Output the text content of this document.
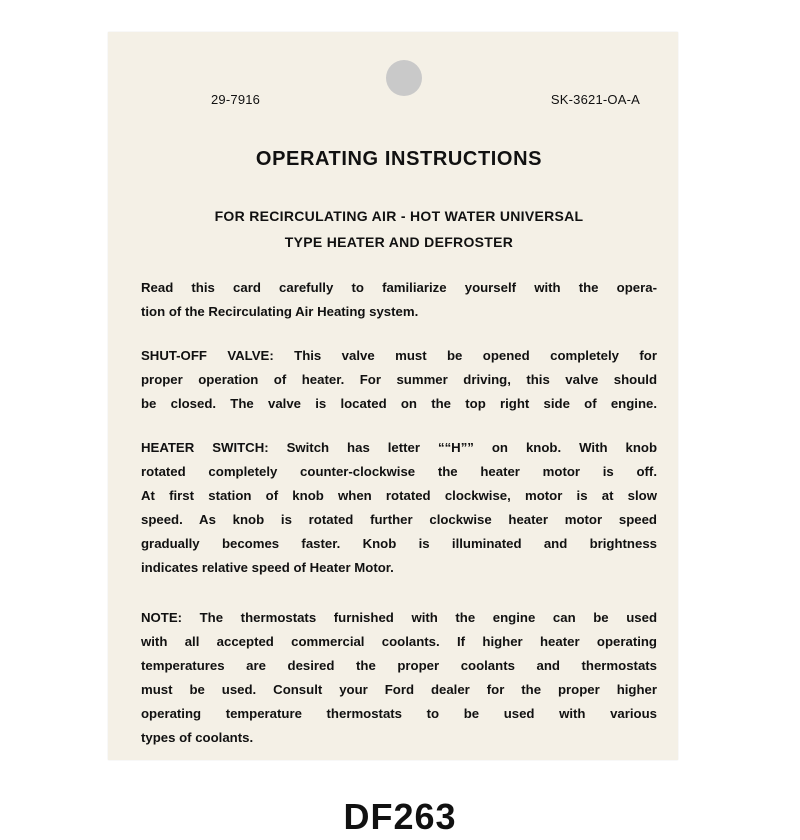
29-7916	SK-3621-OA-A
OPERATING INSTRUCTIONS
FOR RECIRCULATING AIR - HOT WATER UNIVERSAL
TYPE HEATER AND DEFROSTER
Read this card carefully to familiarize yourself with the opera-
tion of the Recirculating Air Heating system.
SHUT-OFF VALVE: This valve must be opened completely for
proper operation of heater. For summer driving, this valve should
be closed. The valve is located on the top right side of engine.
HEATER SWITCH: Switch has letter ““H”” on knob. With knob
rotated completely counter-clockwise the heater motor is off.
At first station of knob when rotated clockwise, motor is at slow
speed. As knob is rotated further clockwise heater motor speed
gradually becomes faster. Knob is illuminated and brightness
indicates relative speed of Heater Motor.
NOTE: The thermostats furnished with the engine can be used
with all accepted commercial coolants. If higher heater operating
temperatures are desired the proper coolants and thermostats
must be used. Consult your Ford dealer for the proper higher
operating temperature thermostats to be used with various
types of coolants.
DF263
